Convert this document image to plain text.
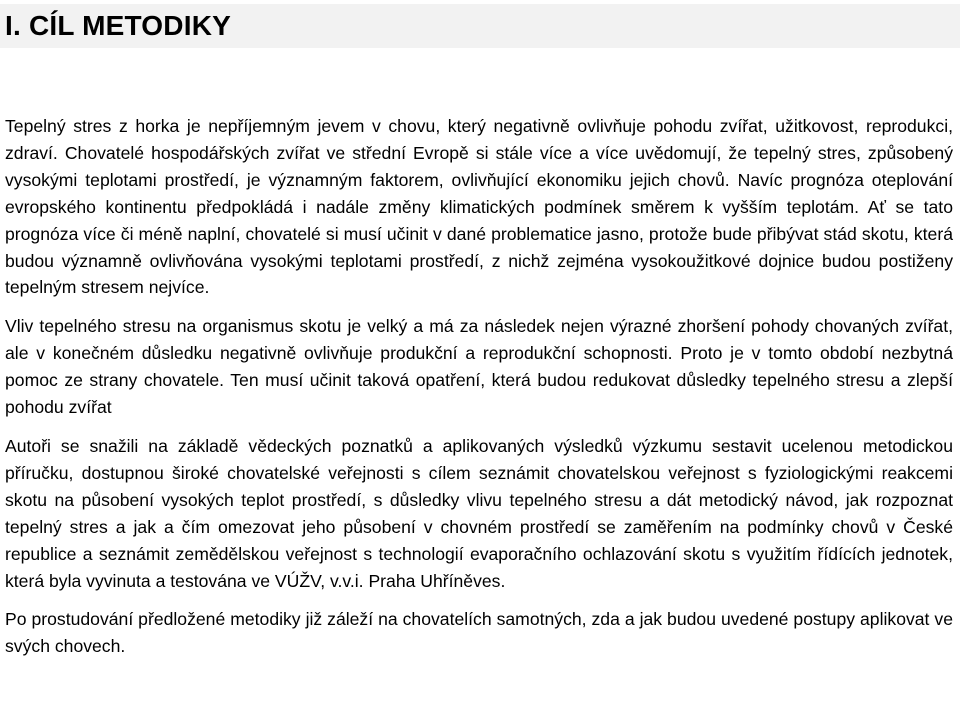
I. CÍL METODIKY

Tepelný stres z horka je nepříjemným jevem v chovu, který negativně ovlivňuje pohodu zvířat, užitkovost, reprodukci, zdraví. Chovatelé hospodářských zvířat ve střední Evropě si stále více a více uvědomují, že tepelný stres, způsobený vysokými teplotami prostředí, je významným faktorem, ovlivňující ekonomiku jejich chovů. Navíc prognóza oteplování evropského kontinentu předpokládá i nadále změny klimatických podmínek směrem k vyšším teplotám. Ať se tato prognóza více či méně naplní, chovatelé si musí učinit v dané problematice jasno, protože bude přibývat stád skotu, která budou významně ovlivňována vysokými teplotami prostředí, z nichž zejména vysokoužitkové dojnice budou postiženy tepelným stresem nejvíce.

Vliv tepelného stresu na organismus skotu je velký a má za následek nejen výrazné zhoršení pohody chovaných zvířat, ale v konečném důsledku negativně ovlivňuje produkční a reprodukční schopnosti. Proto je v tomto období nezbytná pomoc ze strany chovatele. Ten musí učinit taková opatření, která budou redukovat důsledky tepelného stresu a zlepší pohodu zvířat

Autoři se snažili na základě vědeckých poznatků a aplikovaných výsledků výzkumu sestavit ucelenou metodickou příručku, dostupnou široké chovatelské veřejnosti s cílem seznámit chovatelskou veřejnost s fyziologickými reakcemi skotu na působení vysokých teplot prostředí, s důsledky vlivu tepelného stresu a dát metodický návod, jak rozpoznat tepelný stres a jak a čím omezovat jeho působení v chovném prostředí se zaměřením na podmínky chovů v České republice a seznámit zemědělskou veřejnost s technologií evaporačního ochlazování skotu s využitím řídících jednotek, která byla vyvinuta a testována ve VÚŽV, v.v.i. Praha Uhříněves.

Po prostudování předložené metodiky již záleží na chovatelích samotných, zda a jak budou uvedené postupy aplikovat ve svých chovech.
